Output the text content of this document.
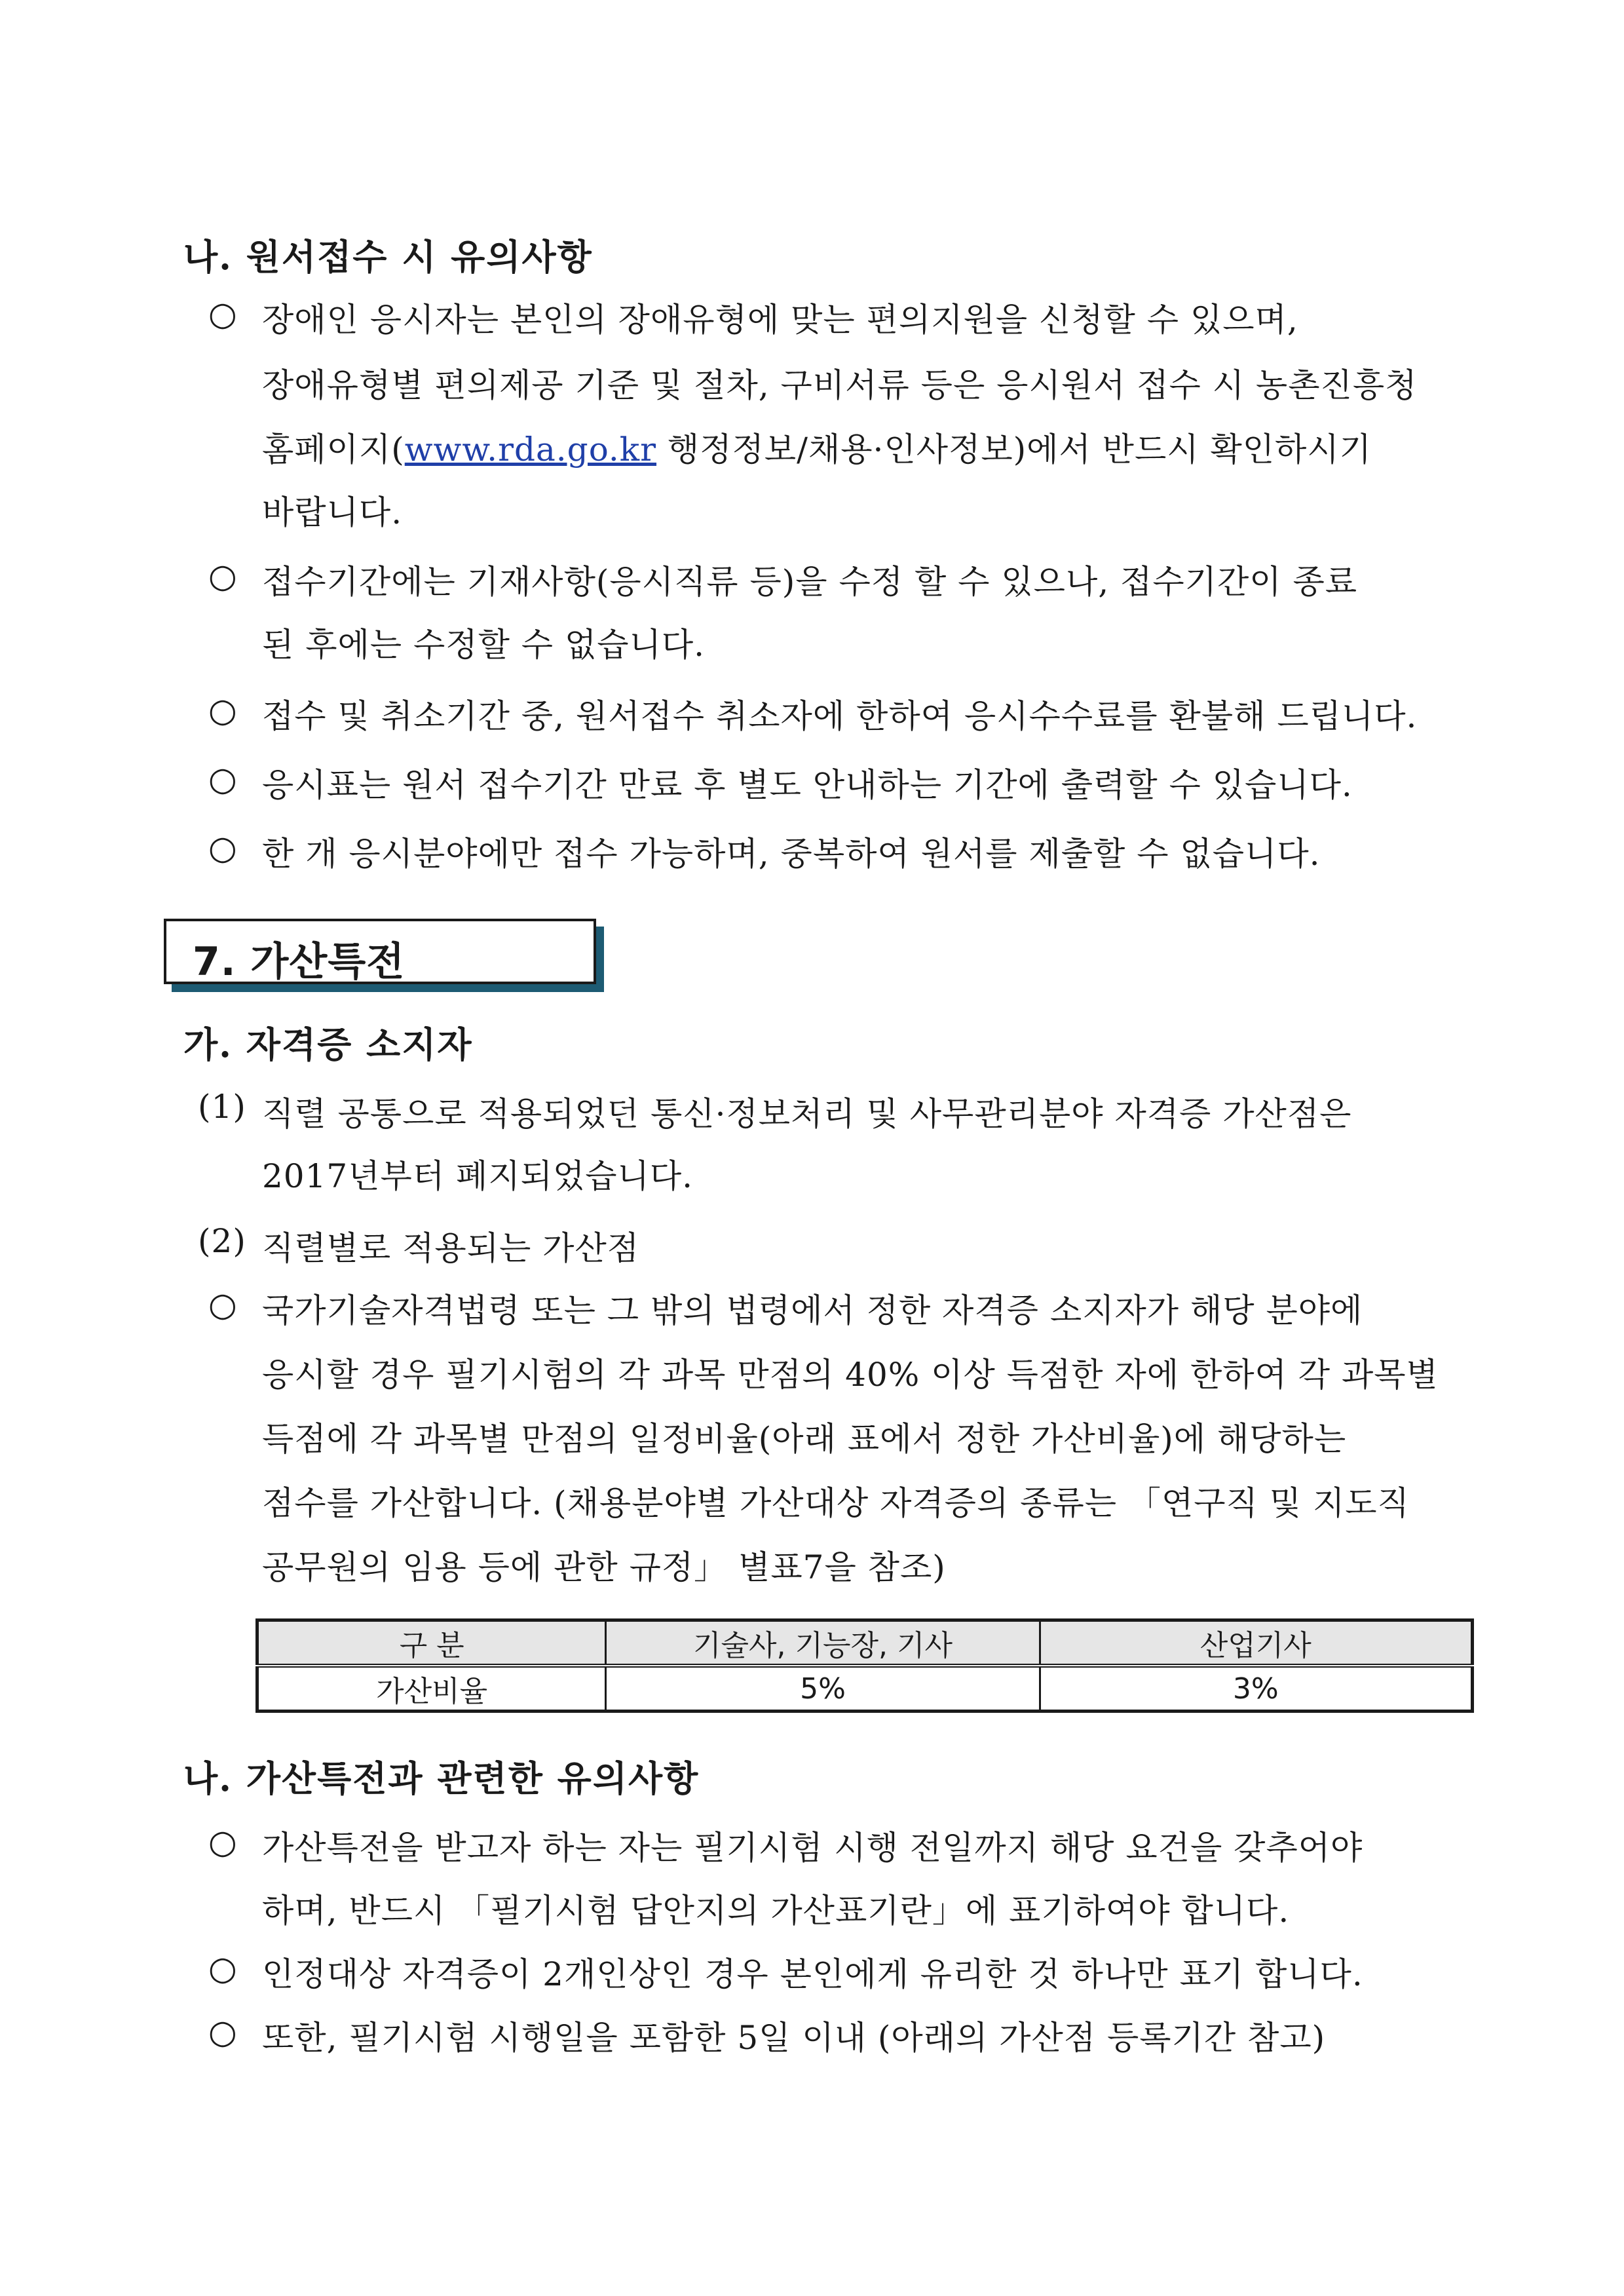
나. 원서접수 시 유의사항
○ 장애인 응시자는 본인의 장애유형에 맞는 편의지원을 신청할 수 있으며,
장애유형별 편의제공 기준 및 절차, 구비서류 등은 응시원서 접수 시 농촌진흥청
홈페이지(www.rda.go.kr 행정정보/채용·인사정보)에서 반드시 확인하시기
바랍니다.
○ 접수기간에는 기재사항(응시직류 등)을 수정 할 수 있으나, 접수기간이 종료
된 후에는 수정할 수 없습니다.
○ 접수 및 취소기간 중, 원서접수 취소자에 한하여 응시수수료를 환불해 드립니다.
○ 응시표는 원서 접수기간 만료 후 별도 안내하는 기간에 출력할 수 있습니다.
○ 한 개 응시분야에만 접수 가능하며, 중복하여 원서를 제출할 수 없습니다.
7. 가산특전
가. 자격증 소지자
(1) 직렬 공통으로 적용되었던 통신·정보처리 및 사무관리분야 자격증 가산점은
2017년부터 폐지되었습니다.
(2) 직렬별로 적용되는 가산점
○ 국가기술자격법령 또는 그 밖의 법령에서 정한 자격증 소지자가 해당 분야에
응시할 경우 필기시험의 각 과목 만점의 40% 이상 득점한 자에 한하여 각 과목별
득점에 각 과목별 만점의 일정비율(아래 표에서 정한 가산비율)에 해당하는
점수를 가산합니다. (채용분야별 가산대상 자격증의 종류는 「연구직 및 지도직
공무원의 임용 등에 관한 규정」 별표7을 참조)
구 분	기술사, 기능장, 기사	산업기사
가산비율	5%	3%
나. 가산특전과 관련한 유의사항
○ 가산특전을 받고자 하는 자는 필기시험 시행 전일까지 해당 요건을 갖추어야
하며, 반드시 「필기시험 답안지의 가산표기란」에 표기하여야 합니다.
○ 인정대상 자격증이 2개인상인 경우 본인에게 유리한 것 하나만 표기 합니다.
○ 또한, 필기시험 시행일을 포함한 5일 이내 (아래의 가산점 등록기간 참고)
